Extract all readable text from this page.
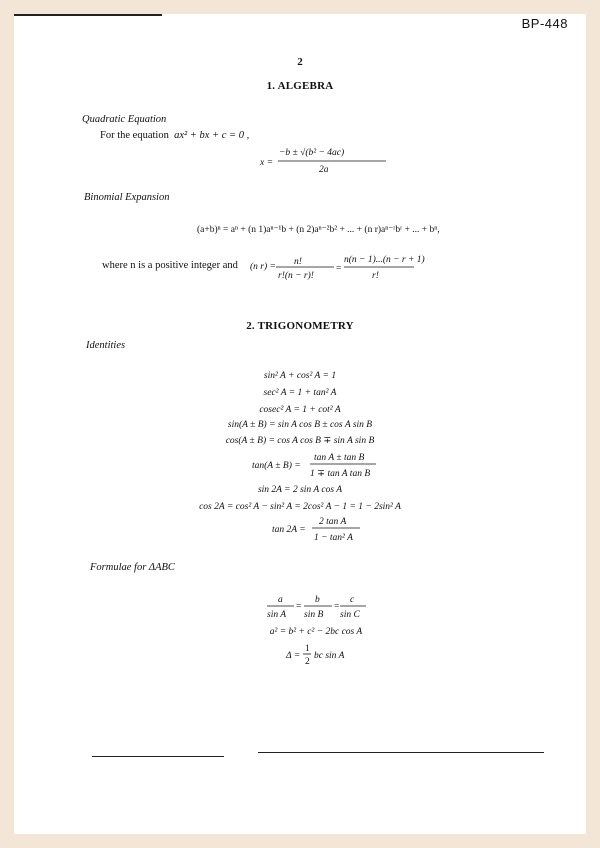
BP-448
2
1. ALGEBRA
Quadratic Equation
For the equation ax² + bx + c = 0 ,
x =
−b ± √(b² − 4ac)
2a
(a+b)ⁿ = aⁿ + (n 1)aⁿ⁻¹b + (n 2)aⁿ⁻²b² + ... + (n r)aⁿ⁻ʳbʳ + ... + bⁿ,
(n r) = n!
r!(n − r)!
=
n(n − 1)...(n − r + 1)
r!
sin² A + cos² A = 1
sec² A = 1 + tan² A
cosec² A = 1 + cot² A
sin(A ± B) = sin A cos B ± cos A sin B
cos(A ± B) = cos A cos B ∓ sin A sin B
tan(A ± B) =
tan A ± tan B
1 ∓ tan A tan B
sin 2A = 2 sin A cos A
cos 2A = cos² A − sin² A = 2cos² A − 1 = 1 − 2sin² A
tan 2A =
2 tan A
1 − tan² A
a
sin A
=
b
sin B
=
c
sin C
a² = b² + c² − 2bc cos A
Δ =
1
2
bc sin A
Binomial Expansion
where n is a positive integer and
2. TRIGONOMETRY
Identities
Formulae for ΔABC
